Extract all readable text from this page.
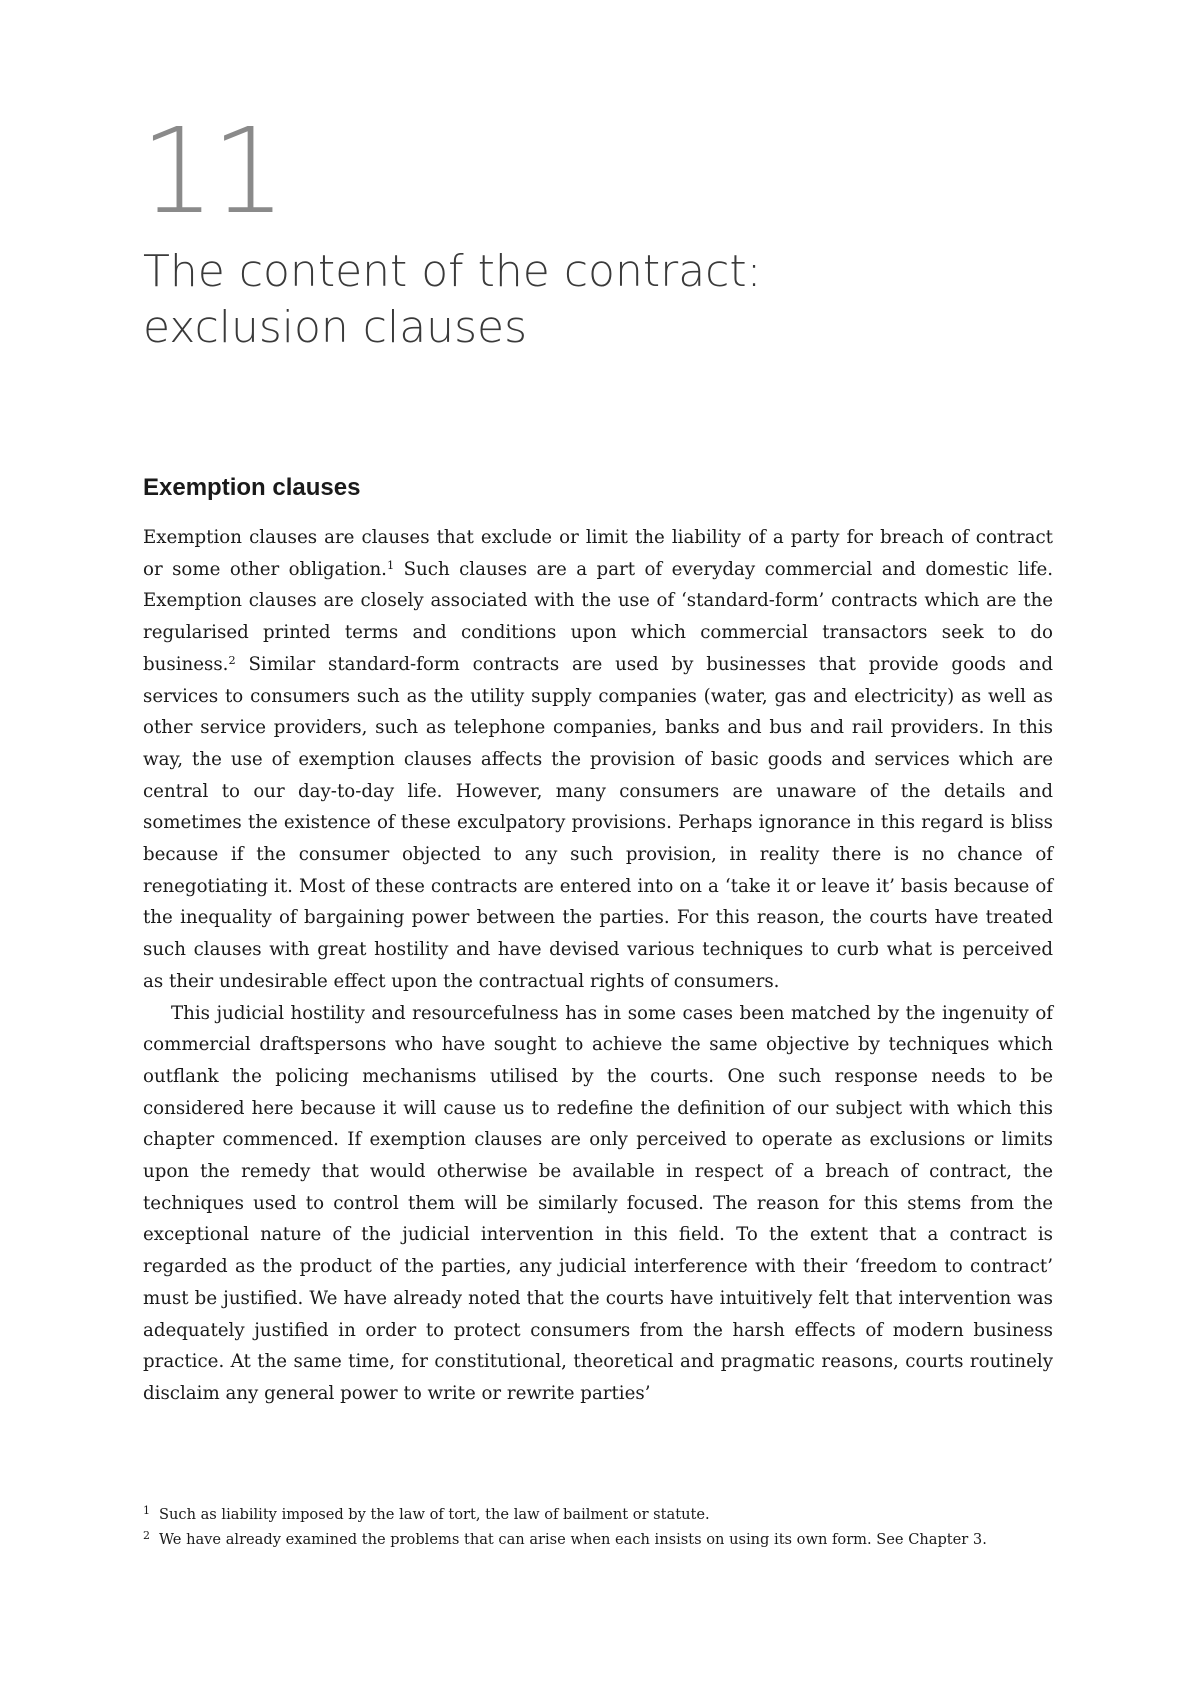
11
The content of the contract:
exclusion clauses
Exemption clauses

Exemption clauses are clauses that exclude or limit the liability of a party for breach of contract or some other obligation.$^1$ Such clauses are a part of everyday commercial and domestic life. Exemption clauses are closely associated with the use of ‘standard-form’ contracts which are the regularised printed terms and conditions upon which commercial transactors seek to do business.$^2$ Similar standard-form contracts are used by businesses that provide goods and services to consumers such as the utility supply companies (water, gas and electricity) as well as other service providers, such as telephone companies, banks and bus and rail providers. In this way, the use of exemption clauses affects the provision of basic goods and services which are central to our day-to-day life. However, many consumers are unaware of the details and sometimes the existence of these exculpatory provisions. Perhaps ignorance in this regard is bliss because if the consumer objected to any such provision, in reality there is no chance of renegotiating it. Most of these contracts are entered into on a ‘take it or leave it’ basis because of the inequality of bargaining power between the parties. For this reason, the courts have treated such clauses with great hostility and have devised various techniques to curb what is perceived as their undesirable effect upon the contractual rights of consumers.

This judicial hostility and resourcefulness has in some cases been matched by the ingenuity of commercial draftspersons who have sought to achieve the same objective by techniques which outflank the policing mechanisms utilised by the courts. One such response needs to be considered here because it will cause us to redefine the definition of our subject with which this chapter commenced. If exemption clauses are only perceived to operate as exclusions or limits upon the remedy that would otherwise be available in respect of a breach of contract, the techniques used to control them will be similarly focused. The reason for this stems from the exceptional nature of the judicial intervention in this field. To the extent that a contract is regarded as the product of the parties, any judicial interference with their ‘freedom to contract’ must be justified. We have already noted that the courts have intuitively felt that intervention was adequately justified in order to protect consumers from the harsh effects of modern business practice. At the same time, for constitutional, theoretical and pragmatic reasons, courts routinely disclaim any general power to write or rewrite parties’

1 Such as liability imposed by the law of tort, the law of bailment or statute.
2 We have already examined the problems that can arise when each insists on using its own form. See Chapter 3.
